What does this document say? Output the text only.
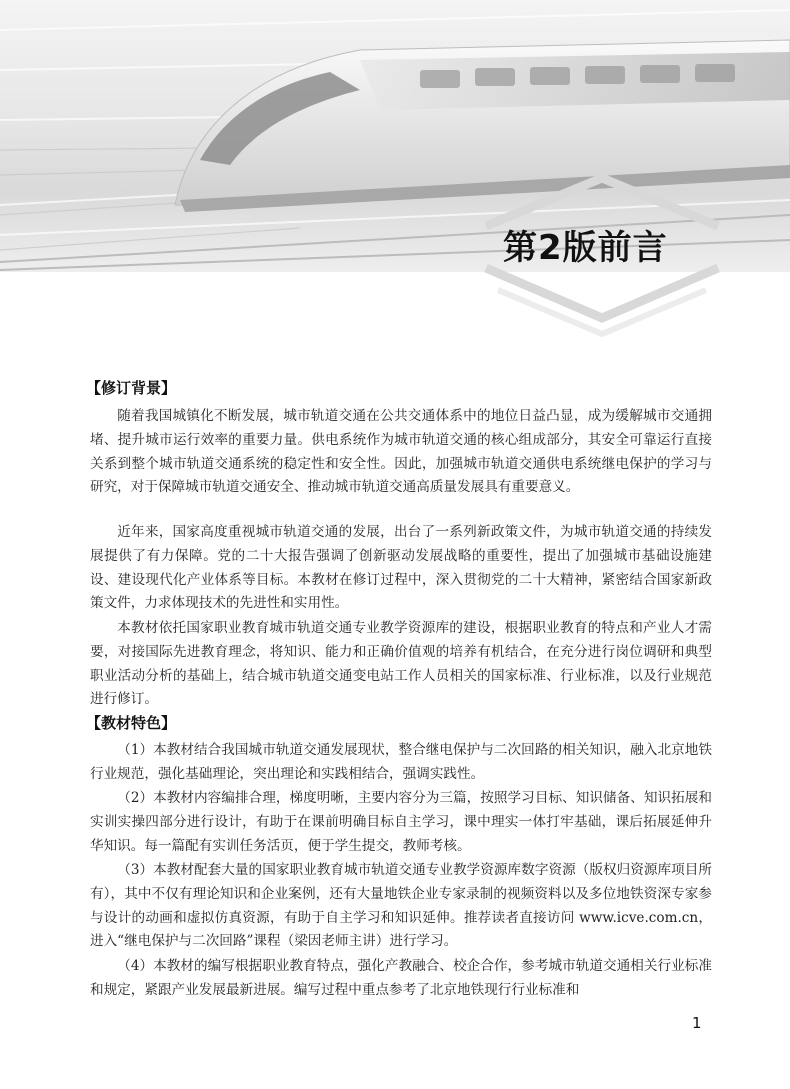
第2版前言
【修订背景】

随着我国城镇化不断发展，城市轨道交通在公共交通体系中的地位日益凸显，成为缓解城市交通拥堵、提升城市运行效率的重要力量。供电系统作为城市轨道交通的核心组成部分，其安全可靠运行直接关系到整个城市轨道交通系统的稳定性和安全性。因此，加强城市轨道交通供电系统继电保护的学习与研究，对于保障城市轨道交通安全、推动城市轨道交通高质量发展具有重要意义。

近年来，国家高度重视城市轨道交通的发展，出台了一系列新政策文件，为城市轨道交通的持续发展提供了有力保障。党的二十大报告强调了创新驱动发展战略的重要性，提出了加强城市基础设施建设、建设现代化产业体系等目标。本教材在修订过程中，深入贯彻党的二十大精神，紧密结合国家新政策文件，力求体现技术的先进性和实用性。

本教材依托国家职业教育城市轨道交通专业教学资源库的建设，根据职业教育的特点和产业人才需要，对接国际先进教育理念，将知识、能力和正确价值观的培养有机结合，在充分进行岗位调研和典型职业活动分析的基础上，结合城市轨道交通变电站工作人员相关的国家标准、行业标准，以及行业规范进行修订。

【教材特色】

（1）本教材结合我国城市轨道交通发展现状，整合继电保护与二次回路的相关知识，融入北京地铁行业规范，强化基础理论，突出理论和实践相结合，强调实践性。

（2）本教材内容编排合理，梯度明晰，主要内容分为三篇，按照学习目标、知识储备、知识拓展和实训实操四部分进行设计，有助于在课前明确目标自主学习，课中理实一体打牢基础，课后拓展延伸升华知识。每一篇配有实训任务活页，便于学生提交，教师考核。

（3）本教材配套大量的国家职业教育城市轨道交通专业教学资源库数字资源（版权归资源库项目所有），其中不仅有理论知识和企业案例，还有大量地铁企业专家录制的视频资料以及多位地铁资深专家参与设计的动画和虚拟仿真资源，有助于自主学习和知识延伸。推荐读者直接访问 www.icve.com.cn，进入“继电保护与二次回路”课程（梁因老师主讲）进行学习。

（4）本教材的编写根据职业教育特点，强化产教融合、校企合作，参考城市轨道交通相关行业标准和规定，紧跟产业发展最新进展。编写过程中重点参考了北京地铁现行行业标准和

1
